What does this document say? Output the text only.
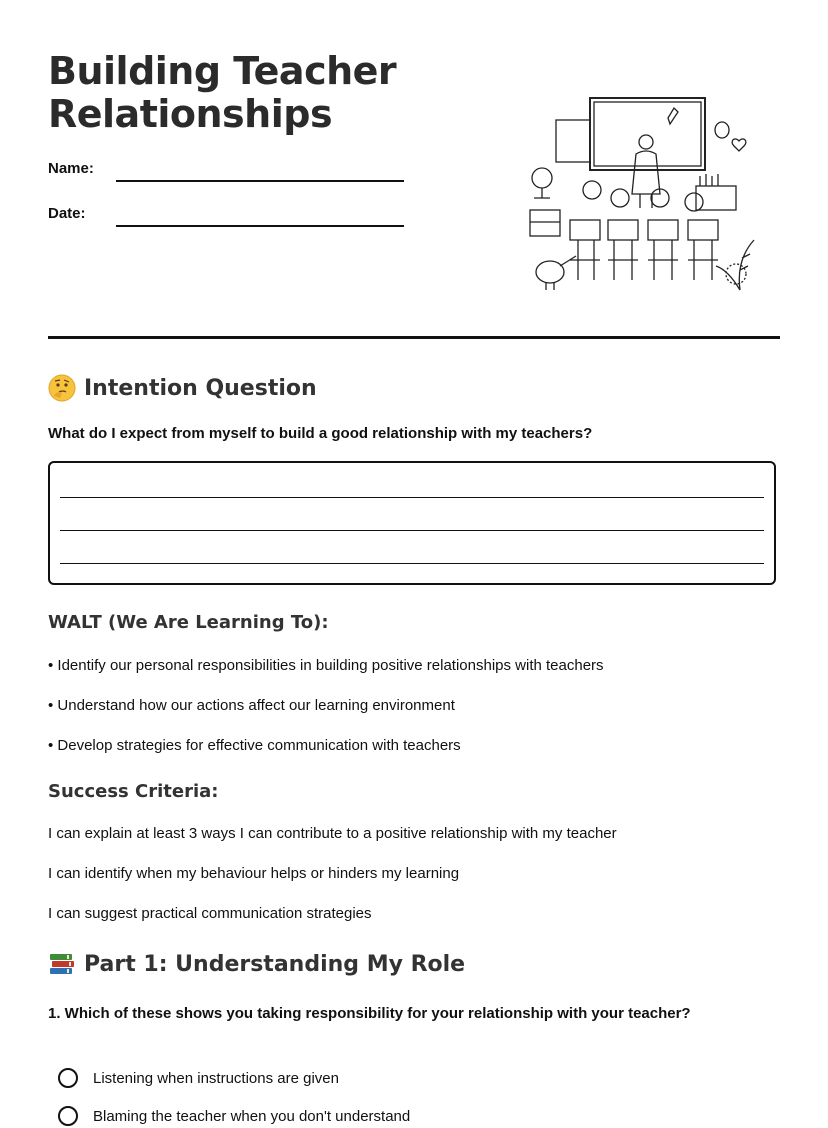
Building Teacher
Relationships
Name:
Date:
Intention Question
What do I expect from myself to build a good relationship with my teachers?
WALT (We Are Learning To):
• Identify our personal responsibilities in building positive relationships with teachers
• Understand how our actions affect our learning environment
• Develop strategies for effective communication with teachers
Success Criteria:
I can explain at least 3 ways I can contribute to a positive relationship with my teacher
I can identify when my behaviour helps or hinders my learning
I can suggest practical communication strategies
Part 1: Understanding My Role
1. Which of these shows you taking responsibility for your relationship with your teacher?
Listening when instructions are given
Blaming the teacher when you don't understand
